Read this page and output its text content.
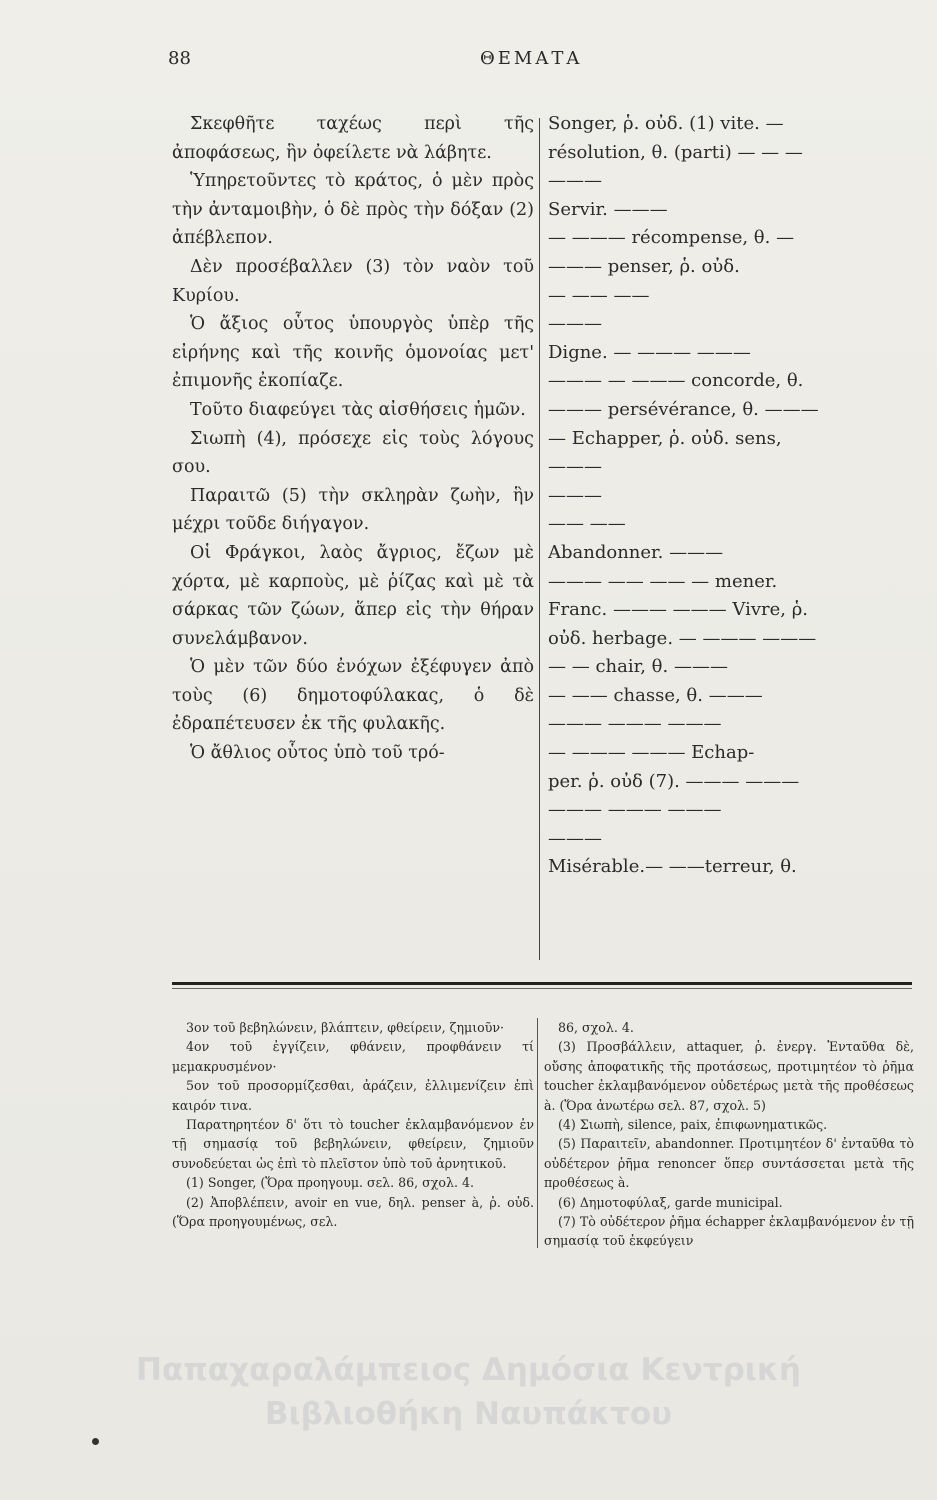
88	ΘΕΜΑΤΑ

Σκεφθῆτε ταχέως περὶ τῆς ἀποφάσεως, ἣν ὀφείλετε νὰ λάβητε.

Ὑπηρετοῦντες τὸ κράτος, ὁ μὲν πρὸς τὴν ἀνταμοιβὴν, ὁ δὲ πρὸς τὴν δόξαν (2) ἀπέβλεπον.

Δὲν προσέβαλλεν (3) τὸν ναὸν τοῦ Κυρίου.

Ὁ ἄξιος οὗτος ὑπουργὸς ὑπὲρ τῆς εἰρήνης καὶ τῆς κοινῆς ὁμονοίας μετ' ἐπιμονῆς ἐκοπίαζε.

Τοῦτο διαφεύγει τὰς αἰσθήσεις ἡμῶν.

Σιωπὴ (4), πρόσεχε εἰς τοὺς λόγους σου.

Παραιτῶ (5) τὴν σκληρὰν ζωὴν, ἣν μέχρι τοῦδε διήγαγον.

Οἱ Φράγκοι, λαὸς ἄγριος, ἔζων μὲ χόρτα, μὲ καρποὺς, μὲ ῥίζας καὶ μὲ τὰ σάρκας τῶν ζώων, ἅπερ εἰς τὴν θήραν συνελάμβανον.

Ὁ μὲν τῶν δύο ἐνόχων ἐξέφυγεν ἀπὸ τοὺς (6) δημοτοφύλακας, ὁ δὲ ἐδραπέτευσεν ἐκ τῆς φυλακῆς.

Ὁ ἄθλιος οὗτος ὑπὸ τοῦ τρό-

Songer, ῥ. οὐδ. (1) vite. —
résolution, θ. (parti) — — —
———
Servir. ———
— ——— récompense, θ. —
——— penser, ῥ. οὐδ.
— —— ——
———
Digne. — ——— ———
——— — ——— concorde, θ.
——— persévérance, θ. ———
— Echapper, ῥ. οὐδ. sens,
———
———
—— ——
Abandonner. ———
——— —— —— — mener.
Franc. ——— ——— Vivre, ῥ.
οὐδ. herbage. — ——— ———
— — chair, θ. ———
— —— chasse, θ. ———
——— ——— ———
— ——— ——— Echap-
per. ῥ. οὐδ (7). ——— ———
——— ——— ———
———
Misérable.— ——terreur, θ.

3ον τοῦ βεβηλώνειν, βλάπτειν, φθείρειν, ζημιοῦν·

4ον τοῦ ἐγγίζειν, φθάνειν, προφθάνειν τί μεμακρυσμένον·

5ον τοῦ προσορμίζεσθαι, ἀράζειν, ἐλλιμενίζειν ἐπὶ καιρόν τινα.

Παρατηρητέον δ' ὅτι τὸ toucher ἐκλαμβανόμενον ἐν τῇ σημασίᾳ τοῦ βεβηλώνειν, φθείρειν, ζημιοῦν συνοδεύεται ὡς ἐπὶ τὸ πλεῖστον ὑπὸ τοῦ ἀρνητικοῦ.

(1) Songer, (Ὅρα προηγουμ. σελ. 86, σχολ. 4.

(2) Ἀποβλέπειν, avoir en vue, δηλ. penser à, ῥ. οὐδ. (Ὅρα προηγουμένως, σελ.

86, σχολ. 4.

(3) Προσβάλλειν, attaquer, ῥ. ἐνεργ. Ἐνταῦθα δὲ, οὔσης ἀποφατικῆς τῆς προτάσεως, προτιμητέον τὸ ῥῆμα toucher ἐκλαμβανόμενον οὐδετέρως μετὰ τῆς προθέσεως à. (Ὅρα ἀνωτέρω σελ. 87, σχολ. 5)

(4) Σιωπὴ, silence, paix, ἐπιφωνηματικῶς.

(5) Παραιτεῖν, abandonner. Προτιμητέον δ' ἐνταῦθα τὸ οὐδέτερον ῥῆμα renoncer ὅπερ συντάσσεται μετὰ τῆς προθέσεως à.

(6) Δημοτοφύλαξ, garde municipal.

(7) Τὸ οὐδέτερον ῥῆμα échapper ἐκλαμβανόμενον ἐν τῇ σημασίᾳ τοῦ ἐκφεύγειν

Παπαχαραλάμπειος Δημόσια Κεντρική
Βιβλιοθήκη Ναυπάκτου
